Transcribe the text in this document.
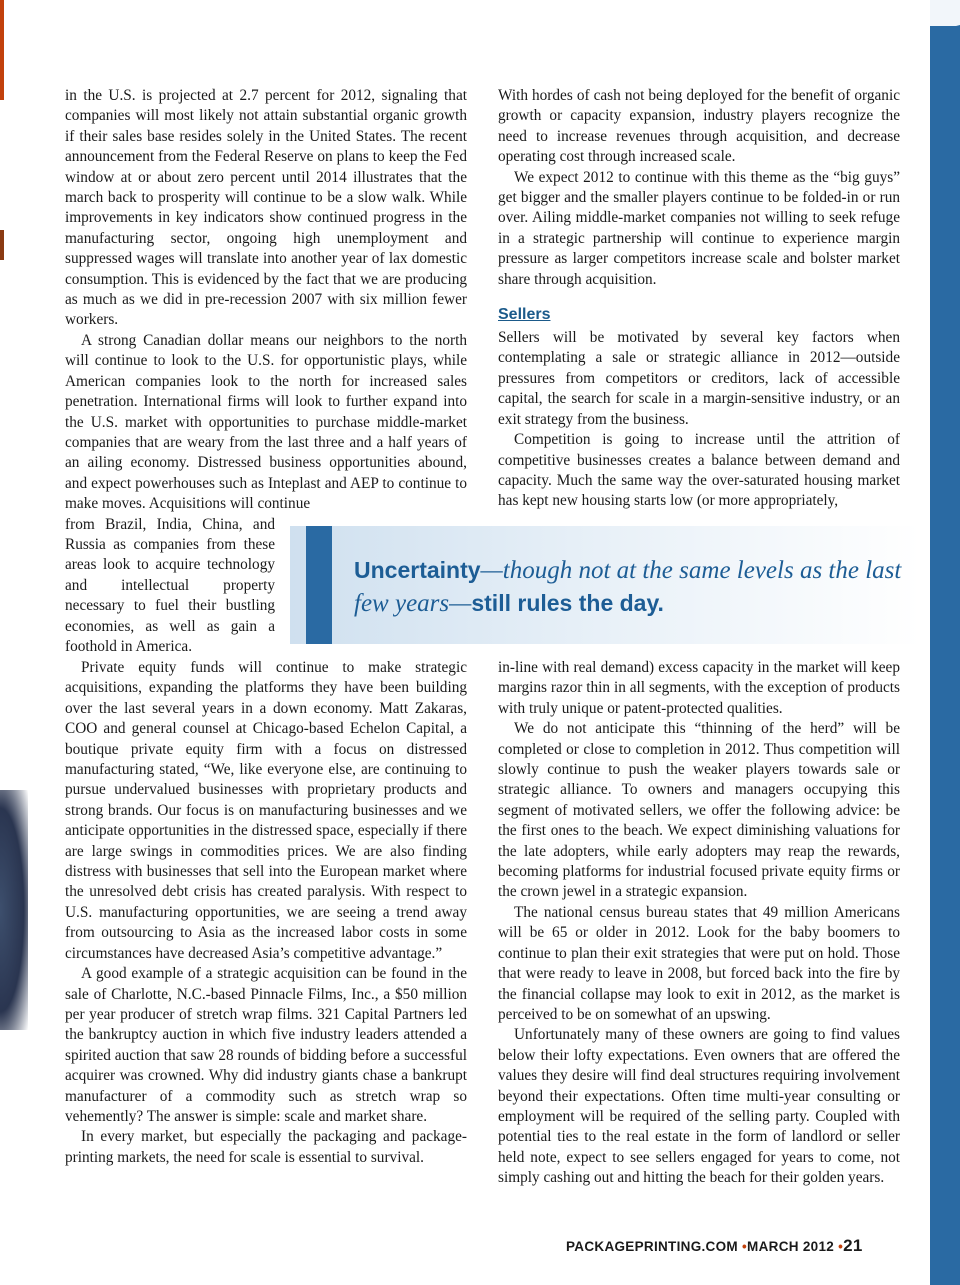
in the U.S. is projected at 2.7 percent for 2012, signaling that companies will most likely not attain substantial organic growth if their sales base resides solely in the United States. The recent announcement from the Federal Reserve on plans to keep the Fed window at or about zero percent until 2014 illustrates that the march back to prosperity will continue to be a slow walk. While improvements in key indicators show continued progress in the manufacturing sector, ongoing high unemployment and suppressed wages will translate into another year of lax domestic consumption. This is evidenced by the fact that we are producing as much as we did in pre-recession 2007 with six million fewer workers.

A strong Canadian dollar means our neighbors to the north will continue to look to the U.S. for opportunistic plays, while American companies look to the north for increased sales penetration. International firms will look to further expand into the U.S. market with opportunities to purchase middle-market companies that are weary from the last three and a half years of an ailing economy. Distressed business opportunities abound, and expect powerhouses such as Inteplast and AEP to continue to make moves. Acquisitions will continue

from Brazil, India, China, and Russia as companies from these areas look to acquire technology and intellectual property necessary to fuel their bustling economies, as well as gain a foothold in America.

Private equity funds will continue to make strategic acquisitions, expanding the platforms they have been building over the last several years in a down economy. Matt Zakaras, COO and general counsel at Chicago-based Echelon Capital, a boutique private equity firm with a focus on distressed manufacturing stated, “We, like everyone else, are continuing to pursue undervalued businesses with proprietary products and strong brands. Our focus is on manufacturing businesses and we anticipate opportunities in the distressed space, especially if there are large swings in commodities prices. We are also finding distress with businesses that sell into the European market where the unresolved debt crisis has created paralysis. With respect to U.S. manufacturing opportunities, we are seeing a trend away from outsourcing to Asia as the increased labor costs in some circumstances have decreased Asia’s competitive advantage.”

A good example of a strategic acquisition can be found in the sale of Charlotte, N.C.-based Pinnacle Films, Inc., a $50 million per year producer of stretch wrap films. 321 Capital Partners led the bankruptcy auction in which five industry leaders attended a spirited auction that saw 28 rounds of bidding before a successful acquirer was crowned. Why did industry giants chase a bankrupt manufacturer of a commodity such as stretch wrap so vehemently? The answer is simple: scale and market share.

In every market, but especially the packaging and package-printing markets, the need for scale is essential to survival.

With hordes of cash not being deployed for the benefit of organic growth or capacity expansion, industry players recognize the need to increase revenues through acquisition, and decrease operating cost through increased scale.

We expect 2012 to continue with this theme as the “big guys” get bigger and the smaller players continue to be folded-in or run over. Ailing middle-market companies not willing to seek refuge in a strategic partnership will continue to experience margin pressure as larger competitors increase scale and bolster market share through acquisition.

Sellers

Sellers will be motivated by several key factors when contemplating a sale or strategic alliance in 2012—outside pressures from competitors or creditors, lack of accessible capital, the search for scale in a margin-sensitive industry, or an exit strategy from the business.

Competition is going to increase until the attrition of competitive businesses creates a balance between demand and capacity. Much the same way the over-saturated housing market has kept new housing starts low (or more appropriately,

in-line with real demand) excess capacity in the market will keep margins razor thin in all segments, with the exception of products with truly unique or patent-protected qualities.

We do not anticipate this “thinning of the herd” will be completed or close to completion in 2012. Thus competition will slowly continue to push the weaker players towards sale or strategic alliance. To owners and managers occupying this segment of motivated sellers, we offer the following advice: be the first ones to the beach. We expect diminishing valuations for the late adopters, while early adopters may reap the rewards, becoming platforms for industrial focused private equity firms or the crown jewel in a strategic expansion.

The national census bureau states that 49 million Americans will be 65 or older in 2012. Look for the baby boomers to continue to plan their exit strategies that were put on hold. Those that were ready to leave in 2008, but forced back into the fire by the financial collapse may look to exit in 2012, as the market is perceived to be on somewhat of an upswing.

Unfortunately many of these owners are going to find values below their lofty expectations. Even owners that are offered the values they desire will find deal structures requiring involvement beyond their expectations. Often time multi-year consulting or employment will be required of the selling party. Coupled with potential ties to the real estate in the form of landlord or seller held note, expect to see sellers engaged for years to come, not simply cashing out and hitting the beach for their golden years.

Uncertainty—though not at the same levels as the last few years—still rules the day.
PACKAGEPRINTING.COM •MARCH 2012 •21
